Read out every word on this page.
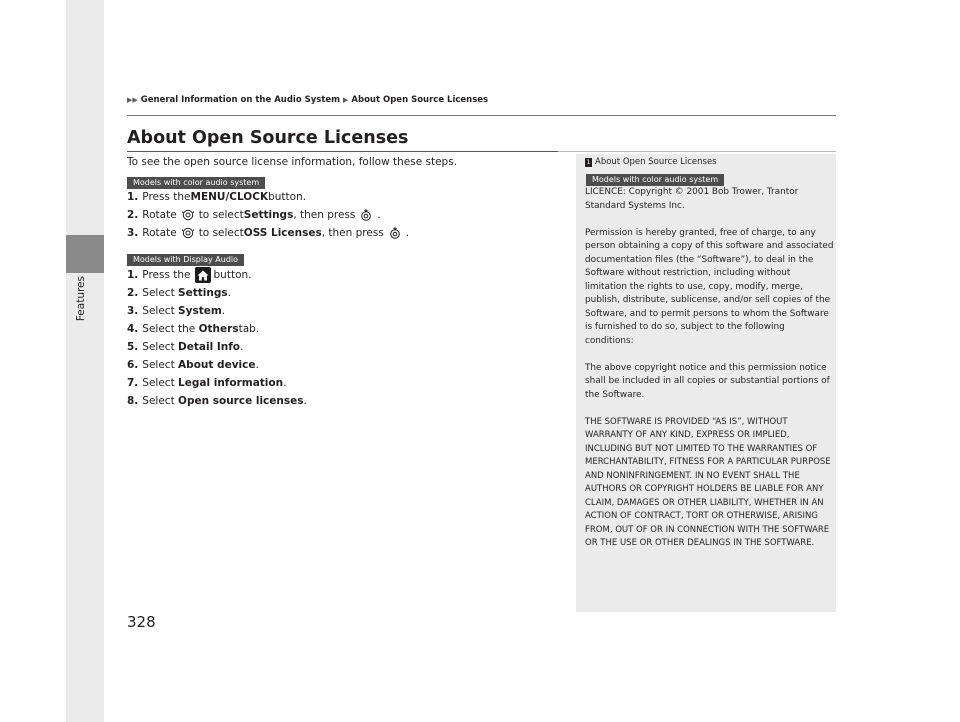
Features
▶▶ General Information on the Audio System ▶ About Open Source Licenses
About Open Source Licenses
To see the open source license information, follow these steps.
Models with color audio system
1. Press the MENU/CLOCK button.
2. Rotate to select Settings , then press .
3. Rotate to select OSS Licenses , then press .
Models with Display Audio
1. Press the button.
2. Select
Settings .
3. Select
System .
4. Select the
Others tab.
5. Select
Detail Info .
6. Select
About device .
7. Select
Legal information .
8. Select
Open source licenses .
1 About Open Source Licenses
Models with color audio system

LICENCE: Copyright © 2001 Bob Trower, Trantor Standard Systems Inc.

Permission is hereby granted, free of charge, to any person obtaining a copy of this software and associated documentation files (the “Software”), to deal in the Software without restriction, including without limitation the rights to use, copy, modify, merge, publish, distribute, sublicense, and/or sell copies of the Software, and to permit persons to whom the Software is furnished to do so, subject to the following conditions:

The above copyright notice and this permission notice shall be included in all copies or substantial portions of the Software.

THE SOFTWARE IS PROVIDED “AS IS”, WITHOUT WARRANTY OF ANY KIND, EXPRESS OR IMPLIED, INCLUDING BUT NOT LIMITED TO THE WARRANTIES OF MERCHANTABILITY, FITNESS FOR A PARTICULAR PURPOSE AND NONINFRINGEMENT. IN NO EVENT SHALL THE AUTHORS OR COPYRIGHT HOLDERS BE LIABLE FOR ANY CLAIM, DAMAGES OR OTHER LIABILITY, WHETHER IN AN ACTION OF CONTRACT, TORT OR OTHERWISE, ARISING FROM, OUT OF OR IN CONNECTION WITH THE SOFTWARE OR THE USE OR OTHER DEALINGS IN THE SOFTWARE.

328
